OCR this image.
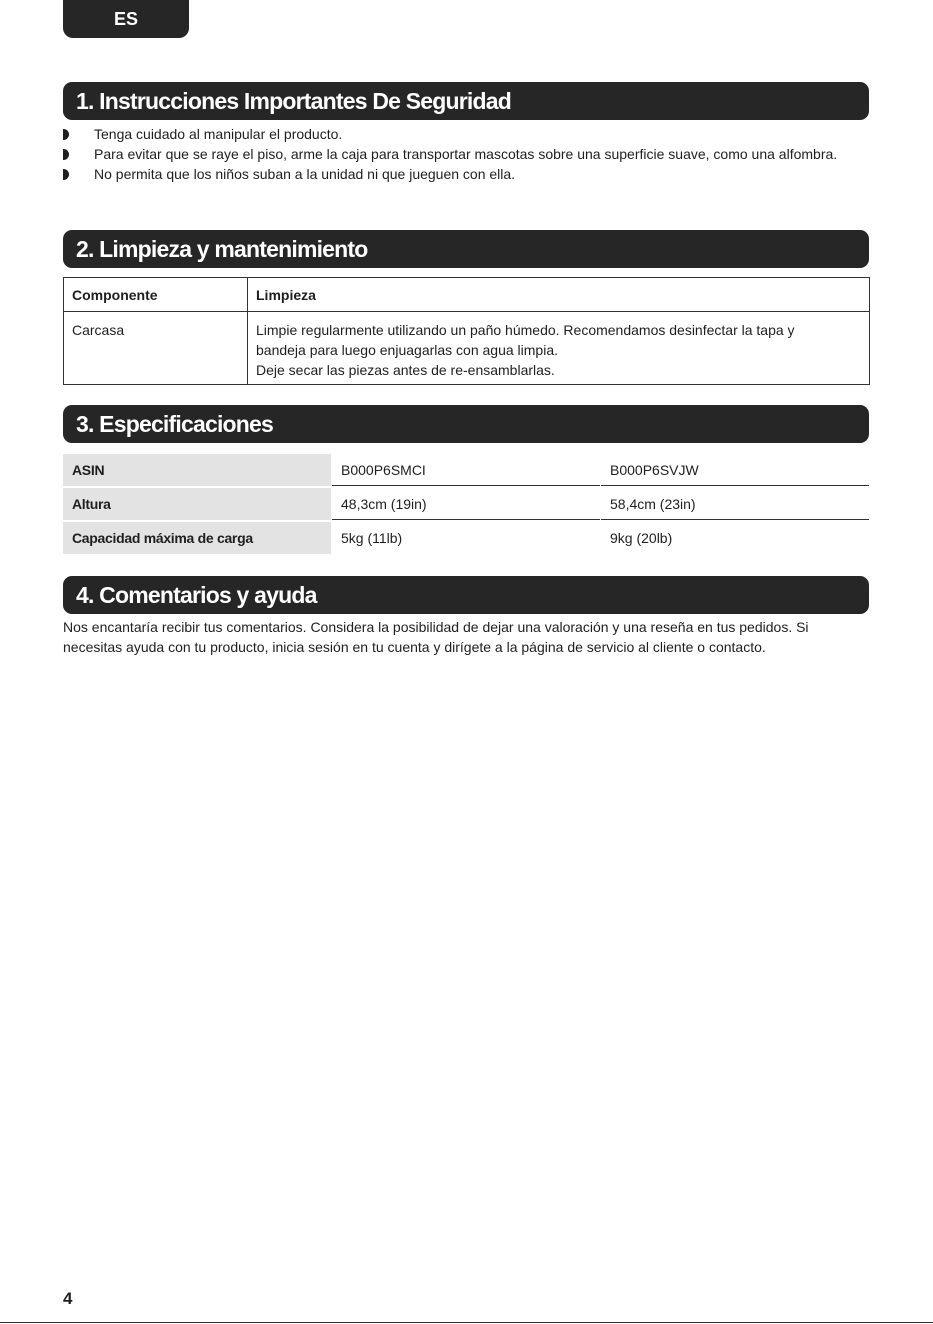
ES
1. Instrucciones Importantes De Seguridad
Tenga cuidado al manipular el producto.
Para evitar que se raye el piso, arme la caja para transportar mascotas sobre una superficie suave, como una alfombra.
No permita que los niños suban a la unidad ni que jueguen con ella.
2. Limpieza y mantenimiento
Componente	Limpieza
Carcasa	Limpie regularmente utilizando un paño húmedo. Recomendamos desinfectar la tapa y bandeja para luego enjuagarlas con agua limpia.
Deje secar las piezas antes de re-ensamblarlas.
3. Especificaciones
ASIN	B000P6SMCI	B000P6SVJW
Altura	48,3cm (19in)	58,4cm (23in)
Capacidad máxima de carga	5kg (11lb)	9kg (20lb)
4. Comentarios y ayuda

Nos encantaría recibir tus comentarios. Considera la posibilidad de dejar una valoración y una reseña en tus pedidos. Si necesitas ayuda con tu producto, inicia sesión en tu cuenta y dirígete a la página de servicio al cliente o contacto.

4
